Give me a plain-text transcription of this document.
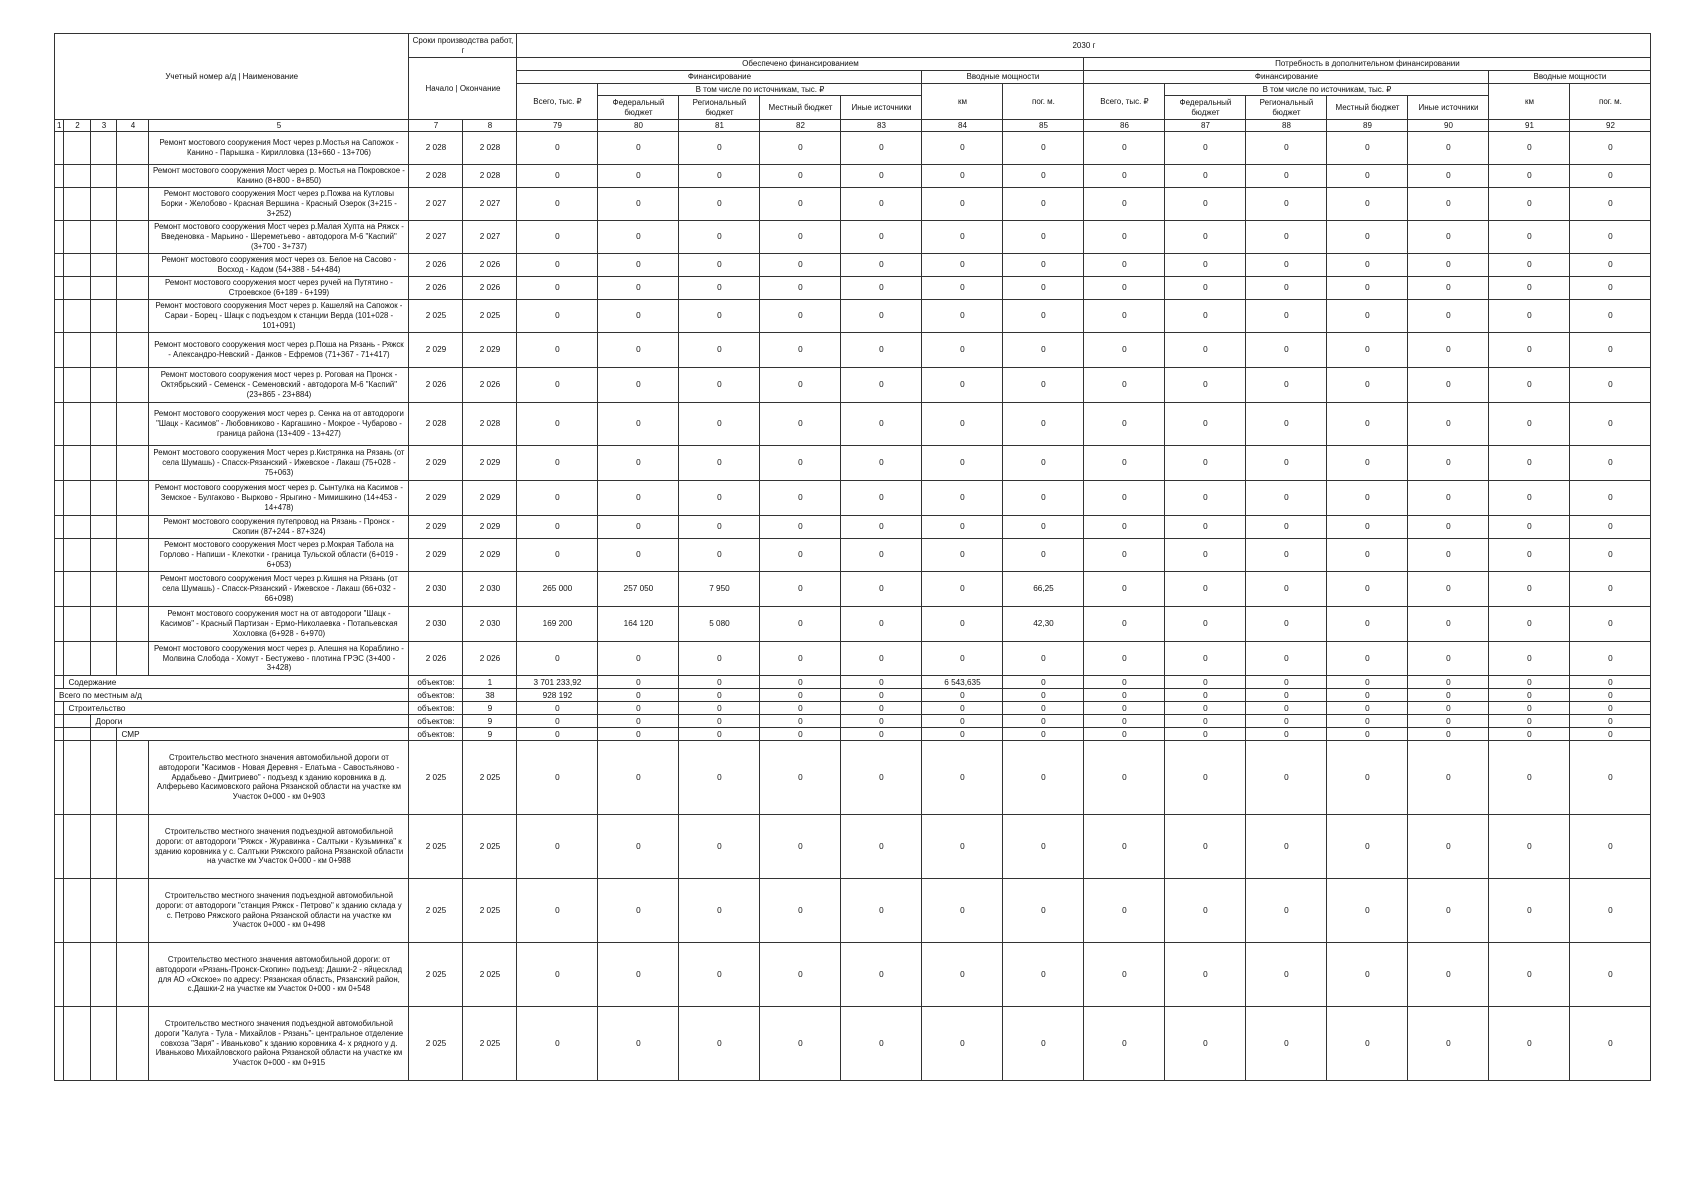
Учетный номер а/д | Наименование					Сроки производства работ, г		2030 г													
					Начало | Окончание		Обеспечено финансированием							Потребность в дополнительном финансировании						
							Финансирование					Вводные мощности		Финансирование					Вводные мощности	
							Всего, тыс. ₽	В том числе по источникам, тыс. ₽				км	пог. м.	Всего, тыс. ₽	В том числе по источникам, тыс. ₽				км	пог. м.
								Федеральный бюджет	Региональный бюджет	Местный бюджет	Иные источники				Федеральный бюджет	Региональный бюджет	Местный бюджет	Иные источники		
1	2	3	4	5	7	8	79	80	81	82	83	84	85	86	87	88	89	90	91	92
				Ремонт мостового сооружения Мост через р.Мостья на Сапожок - Канино - Парышка - Кирилловка (13+660 - 13+706)	2 028	2 028	0	0	0	0	0	0	0	0	0	0	0	0	0	0
				Ремонт мостового сооружения Мост через р. Мостья на Покровское - Канино (8+800 - 8+850)	2 028	2 028	0	0	0	0	0	0	0	0	0	0	0	0	0	0
				Ремонт мостового сооружения Мост через р.Пожва на Кутловы Борки - Желобово - Красная Вершина - Красный Озерок (3+215 - 3+252)	2 027	2 027	0	0	0	0	0	0	0	0	0	0	0	0	0	0
				Ремонт мостового сооружения Мост через р.Малая Хупта на Ряжск - Введеновка - Марьино - Шереметьево - автодорога М-6 "Каспий" (3+700 - 3+737)	2 027	2 027	0	0	0	0	0	0	0	0	0	0	0	0	0	0
				Ремонт мостового сооружения мост через оз. Белое на Сасово - Восход - Кадом (54+388 - 54+484)	2 026	2 026	0	0	0	0	0	0	0	0	0	0	0	0	0	0
				Ремонт мостового сооружения мост через ручей на Путятино - Строевское (6+189 - 6+199)	2 026	2 026	0	0	0	0	0	0	0	0	0	0	0	0	0	0
				Ремонт мостового сооружения Мост через р. Кашеляй на Сапожок - Сараи - Борец - Шацк с подъездом к станции Верда (101+028 - 101+091)	2 025	2 025	0	0	0	0	0	0	0	0	0	0	0	0	0	0
				Ремонт мостового сооружения мост через р.Поша на Рязань - Ряжск - Александро-Невский - Данков - Ефремов (71+367 - 71+417)	2 029	2 029	0	0	0	0	0	0	0	0	0	0	0	0	0	0
				Ремонт мостового сооружения мост через р. Роговая на Пронск - Октябрьский - Семенск - Семеновский - автодорога М-6 "Каспий" (23+865 - 23+884)	2 026	2 026	0	0	0	0	0	0	0	0	0	0	0	0	0	0
				Ремонт мостового сооружения мост через р. Сенка на от автодороги "Шацк - Касимов" - Любовниково - Каргашино - Мокрое - Чубарово - граница района (13+409 - 13+427)	2 028	2 028	0	0	0	0	0	0	0	0	0	0	0	0	0	0
				Ремонт мостового сооружения Мост через р.Кистрянка на Рязань (от села Шумашь) - Спасск-Рязанский - Ижевское - Лакаш (75+028 - 75+063)	2 029	2 029	0	0	0	0	0	0	0	0	0	0	0	0	0	0
				Ремонт мостового сооружения мост через р. Сынтулка на Касимов - Земское - Булгаково - Вырково - Ярыгино - Мимишкино (14+453 - 14+478)	2 029	2 029	0	0	0	0	0	0	0	0	0	0	0	0	0	0
				Ремонт мостового сооружения путепровод на Рязань - Пронск - Скопин (87+244 - 87+324)	2 029	2 029	0	0	0	0	0	0	0	0	0	0	0	0	0	0
				Ремонт мостового сооружения Мост через р.Мокрая Табола на Горлово - Напиши - Клекотки - граница Тульской области (6+019 - 6+053)	2 029	2 029	0	0	0	0	0	0	0	0	0	0	0	0	0	0
				Ремонт мостового сооружения Мост через р.Кишня на Рязань (от села Шумашь) - Спасск-Рязанский - Ижевское - Лакаш (66+032 - 66+098)	2 030	2 030	265 000	257 050	7 950	0	0	0	66,25	0	0	0	0	0	0	0
				Ремонт мостового сооружения мост на от автодороги "Шацк - Касимов" - Красный Партизан - Ермо-Николаевка - Потапьевская Хохловка (6+928 - 6+970)	2 030	2 030	169 200	164 120	5 080	0	0	0	42,30	0	0	0	0	0	0	0
				Ремонт мостового сооружения мост через р. Алешня на Кораблино - Молвина Слобода - Хомут - Бестужево - плотина ГРЭС (3+400 - 3+428)	2 026	2 026	0	0	0	0	0	0	0	0	0	0	0	0	0	0
	Содержание				объектов:	1	3 701 233,92	0	0	0	0	6 543,635	0	0	0	0	0	0	0	0
Всего по местным а/д					объектов:	38	928 192	0	0	0	0	0	0	0	0	0	0	0	0	0
	Строительство				объектов:	9	0	0	0	0	0	0	0	0	0	0	0	0	0	0
		Дороги			объектов:	9	0	0	0	0	0	0	0	0	0	0	0	0	0	0
			СМР		объектов:	9	0	0	0	0	0	0	0	0	0	0	0	0	0	0
				Строительство местного значения автомобильной дороги от автодороги "Касимов - Новая Деревня - Елатьма - Савостьяново - Ардабьево - Дмитриево" - подъезд к зданию коровника в д. Алферьево Касимовского района Рязанской области на участке км Участок 0+000 - км 0+903	2 025	2 025	0	0	0	0	0	0	0	0	0	0	0	0	0	0
				Строительство местного значения подъездной автомобильной дороги: от автодороги "Ряжск - Журавинка - Салтыки - Кузьминка" к зданию коровника у с. Салтыки Ряжского района Рязанской области на участке км Участок 0+000 - км 0+988	2 025	2 025	0	0	0	0	0	0	0	0	0	0	0	0	0	0
				Строительство местного значения подъездной автомобильной дороги: от автодороги "станция Ряжск - Петрово" к зданию склада у с. Петрово Ряжского района Рязанской области на участке км Участок 0+000 - км 0+498	2 025	2 025	0	0	0	0	0	0	0	0	0	0	0	0	0	0
				Строительство местного значения автомобильной дороги: от автодороги «Рязань-Пронск-Скопин» подъезд: Дашки-2 - яйцесклад для АО «Окское» по адресу: Рязанская область, Рязанский район, с.Дашки-2 на участке км Участок 0+000 - км 0+548	2 025	2 025	0	0	0	0	0	0	0	0	0	0	0	0	0	0
				Строительство местного значения подъездной автомобильной дороги "Калуга - Тула - Михайлов - Рязань"- центральное отделение совхоза "Заря" - Иваньково" к зданию коровника 4- х рядного у д. Иваньково Михайловского района Рязанской области на участке км Участок 0+000 - км 0+915	2 025	2 025	0	0	0	0	0	0	0	0	0	0	0	0	0	0
